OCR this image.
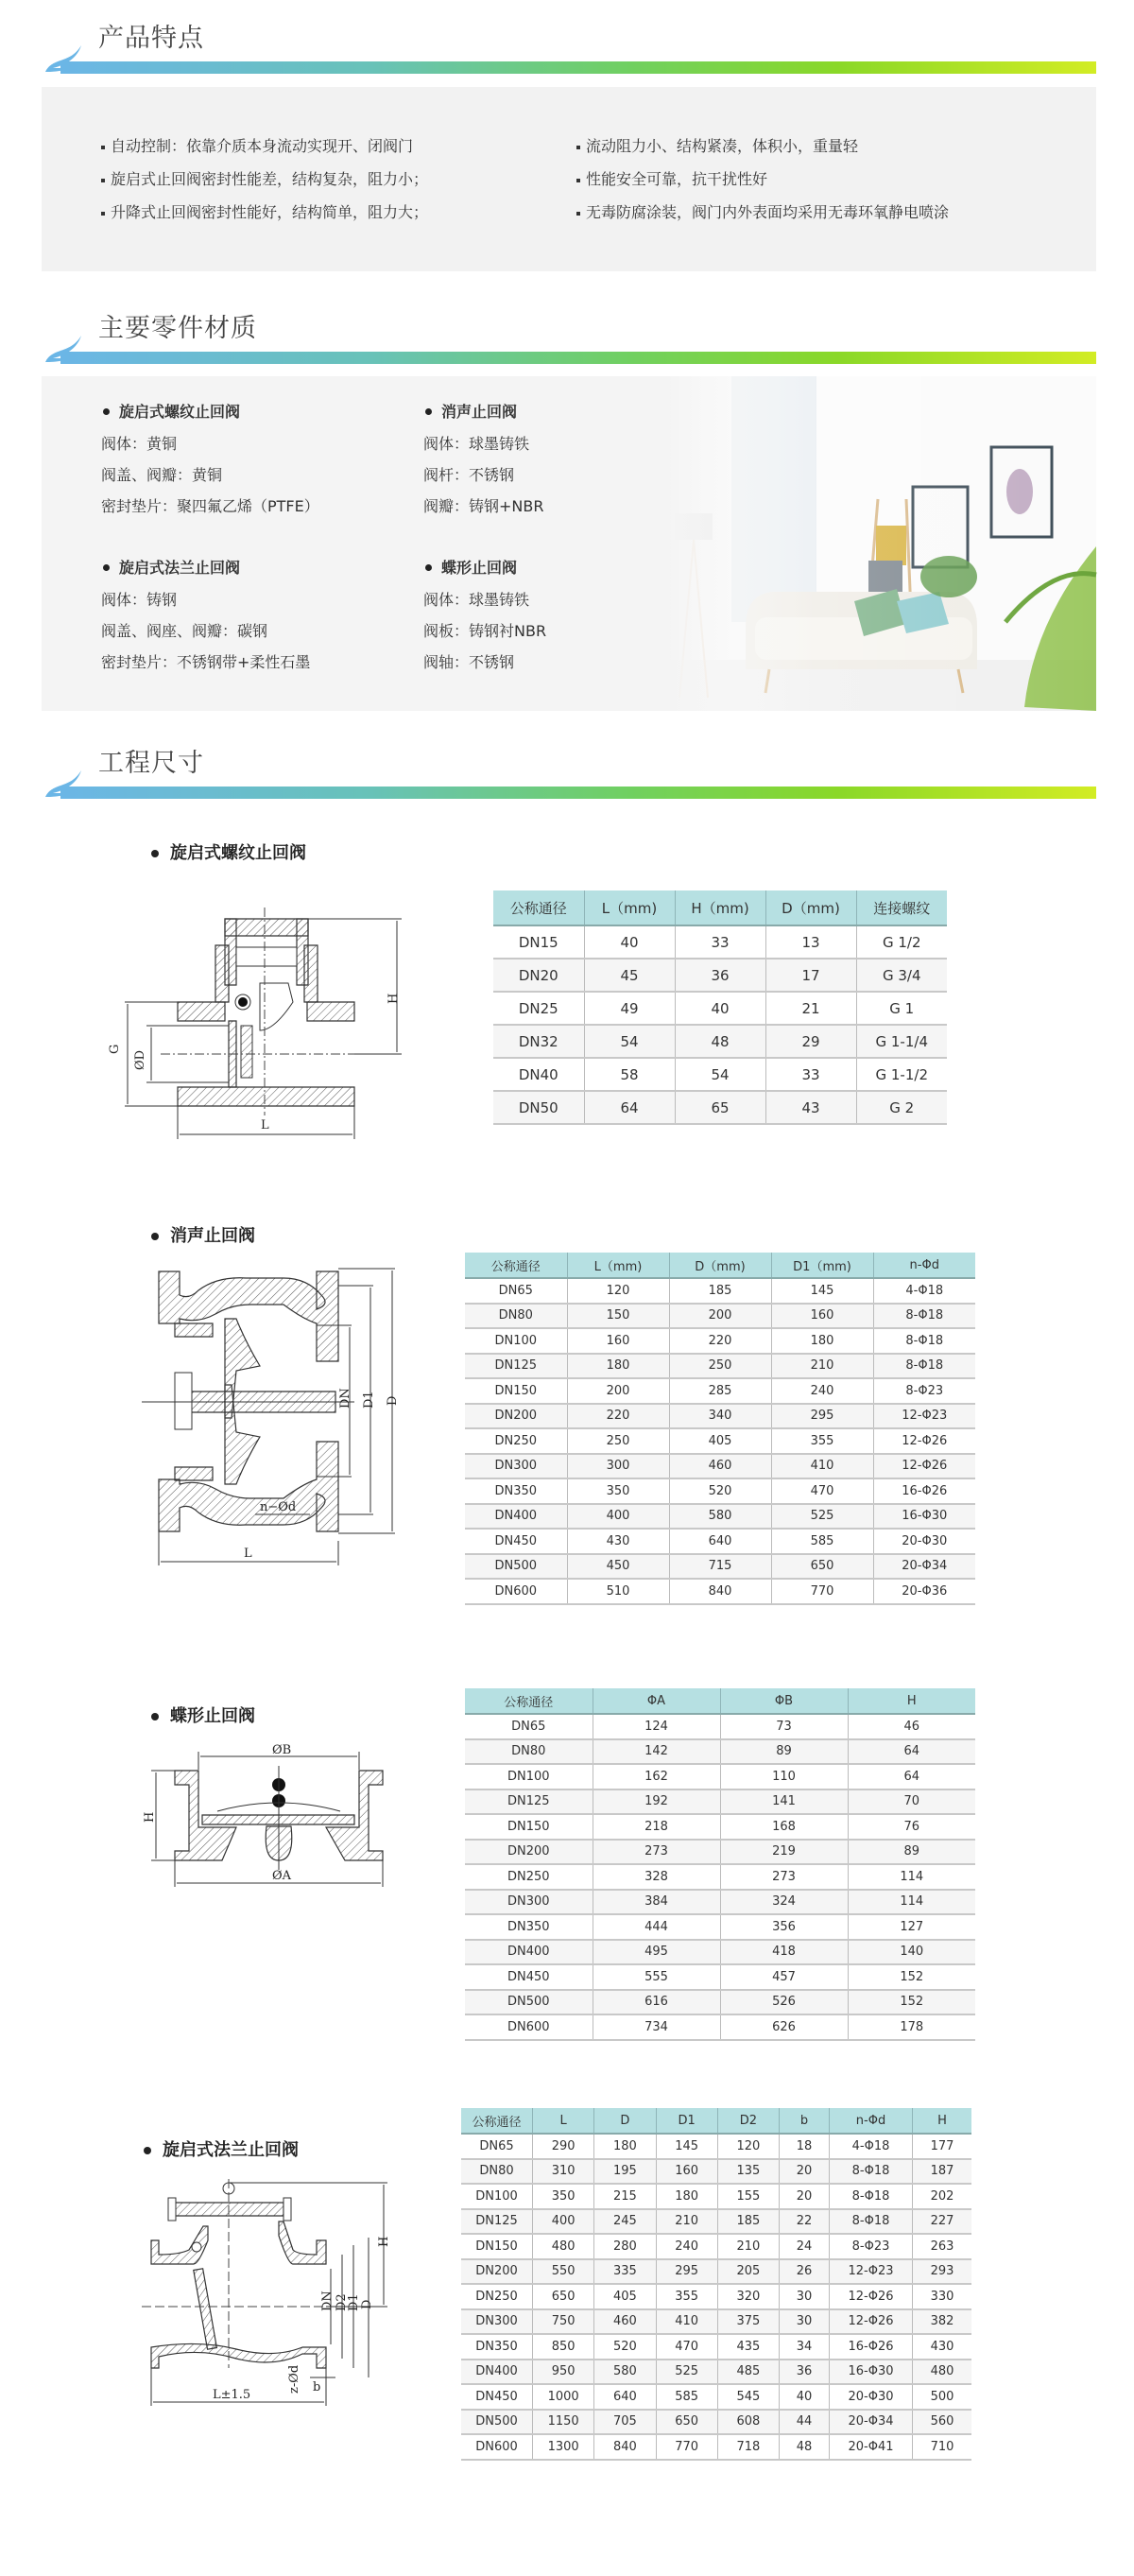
产品特点
自动控制：依靠介质本身流动实现开、闭阀门
旋启式止回阀密封性能差，结构复杂，阻力小；
升降式止回阀密封性能好，结构简单，阻力大；
流动阻力小、结构紧凑，体积小，重量轻
性能安全可靠，抗干扰性好
无毒防腐涂装，阀门内外表面均采用无毒环氧静电喷涂
主要零件材质
旋启式螺纹止回阀
阀体：黄铜
阀盖、阀瓣：黄铜
密封垫片：聚四氟乙烯（PTFE）
消声止回阀
阀体：球墨铸铁
阀杆：不锈钢
阀瓣：铸钢+NBR
旋启式法兰止回阀
阀体：铸钢
阀盖、阀座、阀瓣：碳钢
密封垫片：不锈钢带+柔性石墨
蝶形止回阀
阀体：球墨铸铁
阀板：铸钢衬NBR
阀轴：不锈钢
工程尺寸
旋启式螺纹止回阀
H
G
ØD
L
公称通径	L（mm)	H（mm)	D（mm)	连接螺纹
DN15	40	33	13	G 1/2
DN20	45	36	17	G 3/4
DN25	49	40	21	G 1
DN32	54	48	29	G 1-1/4
DN40	58	54	33	G 1-1/2
DN50	64	65	43	G 2
消声止回阀
DN D1 D
n−Ød
L
公称通径	L（mm)	D（mm)	D1（mm)	n-Φd
DN65	120	185	145	4-Φ18
DN80	150	200	160	8-Φ18
DN100	160	220	180	8-Φ18
DN125	180	250	210	8-Φ18
DN150	200	285	240	8-Φ23
DN200	220	340	295	12-Φ23
DN250	250	405	355	12-Φ26
DN300	300	460	410	12-Φ26
DN350	350	520	470	16-Φ26
DN400	400	580	525	16-Φ30
DN450	430	640	585	20-Φ30
DN500	450	715	650	20-Φ34
DN600	510	840	770	20-Φ36
蝶形止回阀
ØB
H
ØA
公称通径	ΦA	ΦB	H
DN65	124	73	46
DN80	142	89	64
DN100	162	110	64
DN125	192	141	70
DN150	218	168	76
DN200	273	219	89
DN250	328	273	114
DN300	384	324	114
DN350	444	356	127
DN400	495	418	140
DN450	555	457	152
DN500	616	526	152
DN600	734	626	178
旋启式法兰止回阀
H
DN D2
D1 D
L±1.5
z-Ød b
公称通径	L	D	D1	D2	b	n-Φd	H
DN65	290	180	145	120	18	4-Φ18	177
DN80	310	195	160	135	20	8-Φ18	187
DN100	350	215	180	155	20	8-Φ18	202
DN125	400	245	210	185	22	8-Φ18	227
DN150	480	280	240	210	24	8-Φ23	263
DN200	550	335	295	205	26	12-Φ23	293
DN250	650	405	355	320	30	12-Φ26	330
DN300	750	460	410	375	30	12-Φ26	382
DN350	850	520	470	435	34	16-Φ26	430
DN400	950	580	525	485	36	16-Φ30	480
DN450	1000	640	585	545	40	20-Φ30	500
DN500	1150	705	650	608	44	20-Φ34	560
DN600	1300	840	770	718	48	20-Φ41	710
